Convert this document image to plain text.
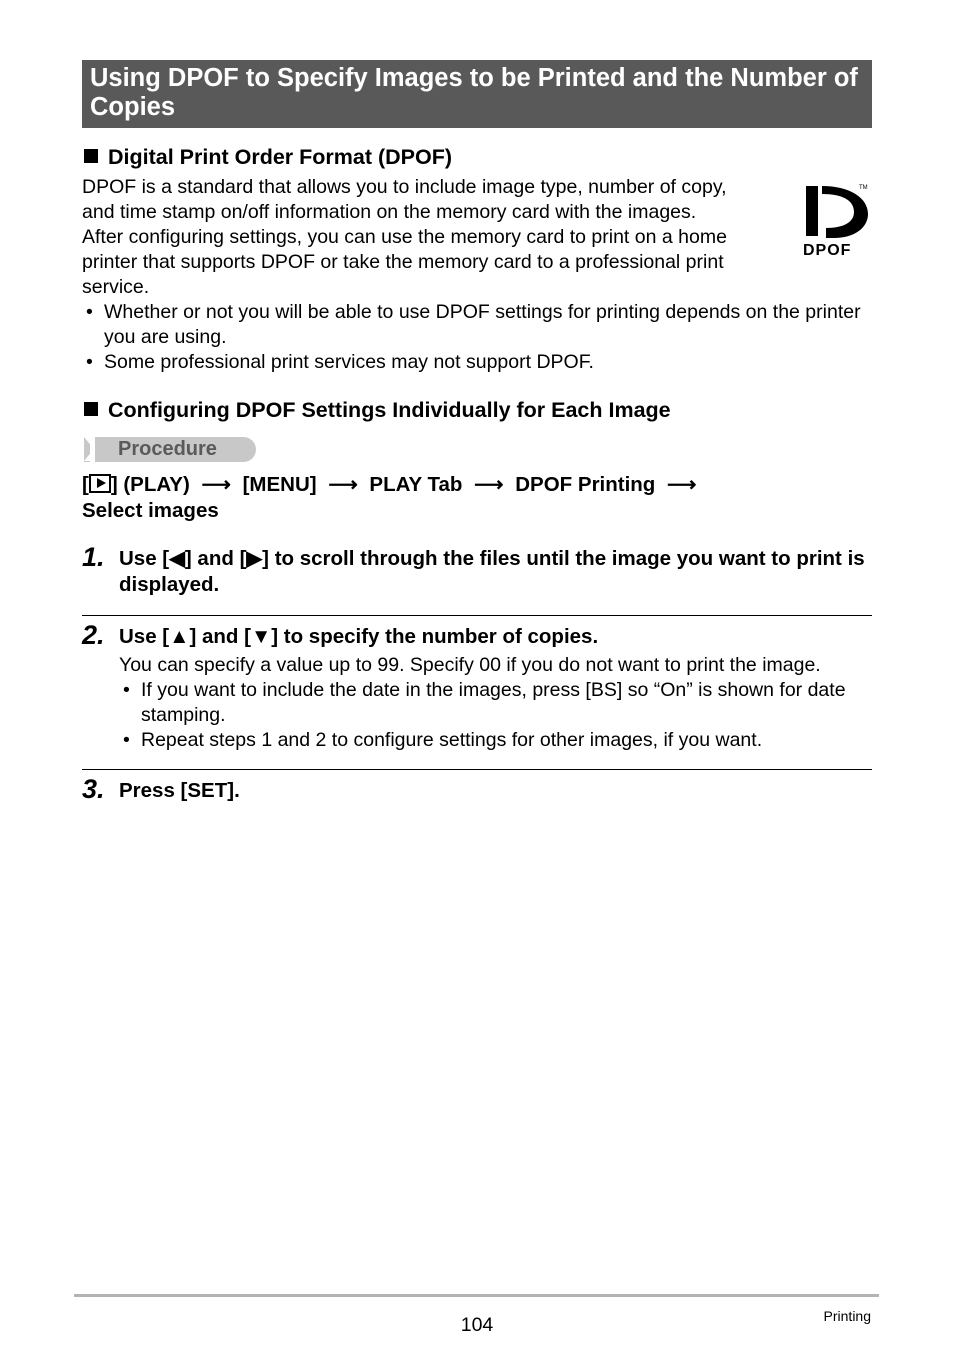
Using DPOF to Specify Images to be Printed and the Number of Copies
Digital Print Order Format (DPOF)
DPOF is a standard that allows you to include image type, number of copy,
and time stamp on/off information on the memory card with the images.
After configuring settings, you can use the memory card to print on a home
printer that supports DPOF or take the memory card to a professional print
service.
TM
DPOF
• Whether or not you will be able to use DPOF settings for printing depends on the printer you are using.
• Some professional print services may not support DPOF.
Configuring DPOF Settings Individually for Each Image
Procedure
[ ] (PLAY) ⟶ [MENU] ⟶ PLAY Tab ⟶ DPOF Printing ⟶
Select images
1. Use [◀] and [▶] to scroll through the files until the image you want to print is displayed.
2. Use [▲] and [▼] to specify the number of copies.

You can specify a value up to 99. Specify 00 if you do not want to print the image.

• If you want to include the date in the images, press [BS] so “On” is shown for date stamping.
• Repeat steps 1 and 2 to configure settings for other images, if you want.
3. Press [SET].
104	Printing
